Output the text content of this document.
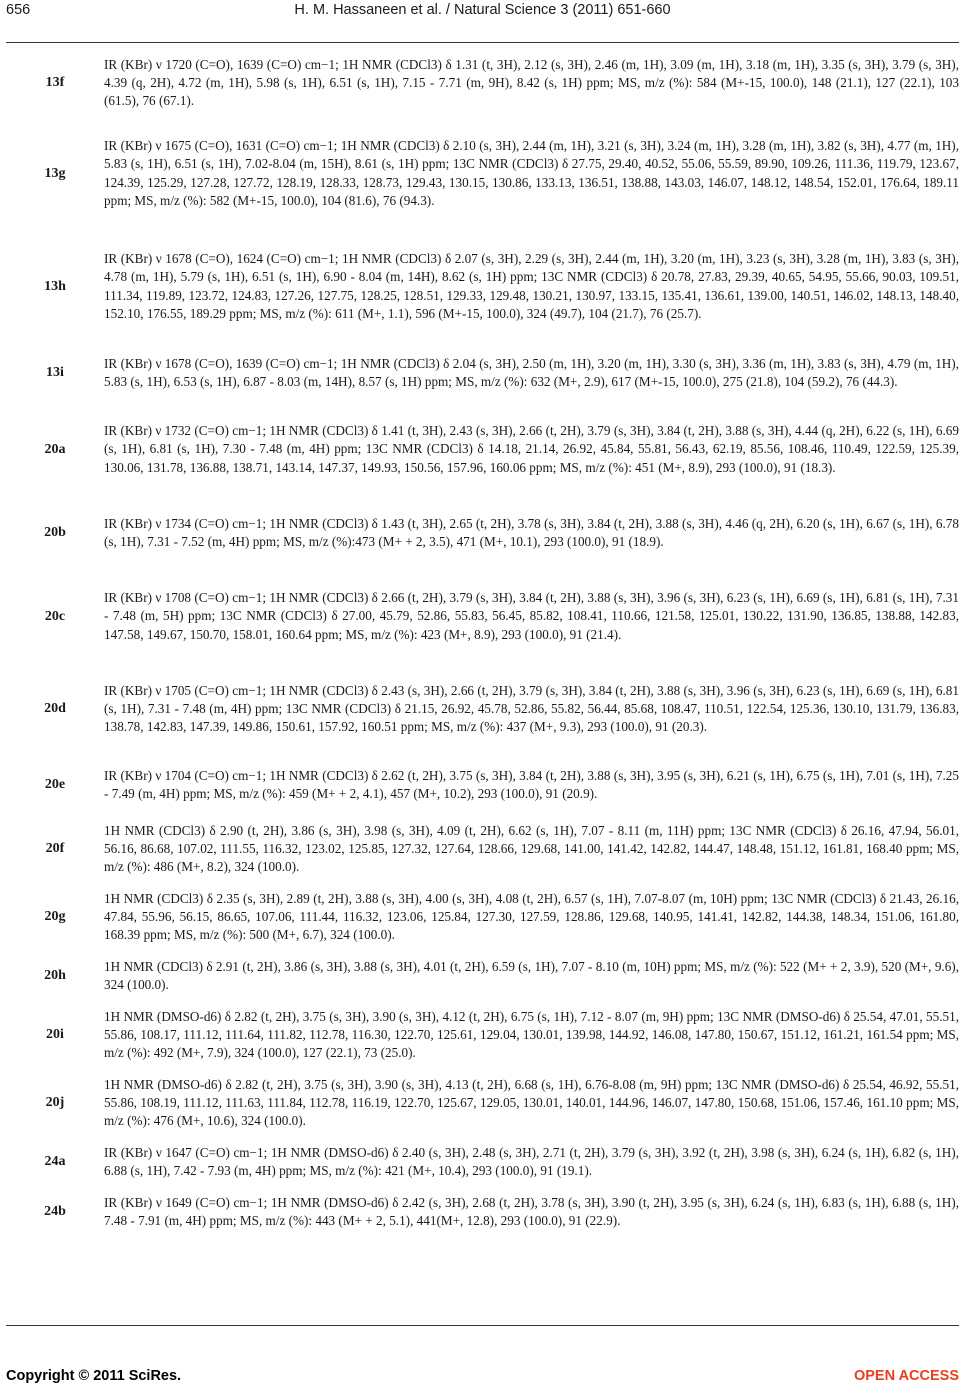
656	H. M. Hassaneen et al. / Natural Science 3 (2011) 651-660
13f	IR (KBr) ν 1720 (C=O), 1639 (C=O) cm−1; 1H NMR (CDCl3) δ 1.31 (t, 3H), 2.12 (s, 3H), 2.46 (m, 1H), 3.09 (m, 1H), 3.18 (m, 1H), 3.35 (s, 3H), 3.79 (s, 3H), 4.39 (q, 2H), 4.72 (m, 1H), 5.98 (s, 1H), 6.51 (s, 1H), 7.15 - 7.71 (m, 9H), 8.42 (s, 1H) ppm; MS, m/z (%): 584 (M+-15, 100.0), 148 (21.1), 127 (22.1), 103 (61.5), 76 (67.1).
13g	IR (KBr) ν 1675 (C=O), 1631 (C=O) cm−1; 1H NMR (CDCl3) δ 2.10 (s, 3H), 2.44 (m, 1H), 3.21 (s, 3H), 3.24 (m, 1H), 3.28 (m, 1H), 3.82 (s, 3H), 4.77 (m, 1H), 5.83 (s, 1H), 6.51 (s, 1H), 7.02-8.04 (m, 15H), 8.61 (s, 1H) ppm; 13C NMR (CDCl3) δ 27.75, 29.40, 40.52, 55.06, 55.59, 89.90, 109.26, 111.36, 119.79, 123.67, 124.39, 125.29, 127.28, 127.72, 128.19, 128.33, 128.73, 129.43, 130.15, 130.86, 133.13, 136.51, 138.88, 143.03, 146.07, 148.12, 148.54, 152.01, 176.64, 189.11 ppm; MS, m/z (%): 582 (M+-15, 100.0), 104 (81.6), 76 (94.3).
13h	IR (KBr) ν 1678 (C=O), 1624 (C=O) cm−1; 1H NMR (CDCl3) δ 2.07 (s, 3H), 2.29 (s, 3H), 2.44 (m, 1H), 3.20 (m, 1H), 3.23 (s, 3H), 3.28 (m, 1H), 3.83 (s, 3H), 4.78 (m, 1H), 5.79 (s, 1H), 6.51 (s, 1H), 6.90 - 8.04 (m, 14H), 8.62 (s, 1H) ppm; 13C NMR (CDCl3) δ 20.78, 27.83, 29.39, 40.65, 54.95, 55.66, 90.03, 109.51, 111.34, 119.89, 123.72, 124.83, 127.26, 127.75, 128.25, 128.51, 129.33, 129.48, 130.21, 130.97, 133.15, 135.41, 136.61, 139.00, 140.51, 146.02, 148.13, 148.40, 152.10, 176.55, 189.29 ppm; MS, m/z (%): 611 (M+, 1.1), 596 (M+-15, 100.0), 324 (49.7), 104 (21.7), 76 (25.7).
13i	IR (KBr) ν 1678 (C=O), 1639 (C=O) cm−1; 1H NMR (CDCl3) δ 2.04 (s, 3H), 2.50 (m, 1H), 3.20 (m, 1H), 3.30 (s, 3H), 3.36 (m, 1H), 3.83 (s, 3H), 4.79 (m, 1H), 5.83 (s, 1H), 6.53 (s, 1H), 6.87 - 8.03 (m, 14H), 8.57 (s, 1H) ppm; MS, m/z (%): 632 (M+, 2.9), 617 (M+-15, 100.0), 275 (21.8), 104 (59.2), 76 (44.3).
20a	IR (KBr) ν 1732 (C=O) cm−1; 1H NMR (CDCl3) δ 1.41 (t, 3H), 2.43 (s, 3H), 2.66 (t, 2H), 3.79 (s, 3H), 3.84 (t, 2H), 3.88 (s, 3H), 4.44 (q, 2H), 6.22 (s, 1H), 6.69 (s, 1H), 6.81 (s, 1H), 7.30 - 7.48 (m, 4H) ppm; 13C NMR (CDCl3) δ 14.18, 21.14, 26.92, 45.84, 55.81, 56.43, 62.19, 85.56, 108.46, 110.49, 122.59, 125.39, 130.06, 131.78, 136.88, 138.71, 143.14, 147.37, 149.93, 150.56, 157.96, 160.06 ppm; MS, m/z (%): 451 (M+, 8.9), 293 (100.0), 91 (18.3).
20b	IR (KBr) ν 1734 (C=O) cm−1; 1H NMR (CDCl3) δ 1.43 (t, 3H), 2.65 (t, 2H), 3.78 (s, 3H), 3.84 (t, 2H), 3.88 (s, 3H), 4.46 (q, 2H), 6.20 (s, 1H), 6.67 (s, 1H), 6.78 (s, 1H), 7.31 - 7.52 (m, 4H) ppm; MS, m/z (%):473 (M+ + 2, 3.5), 471 (M+, 10.1), 293 (100.0), 91 (18.9).
20c	IR (KBr) ν 1708 (C=O) cm−1; 1H NMR (CDCl3) δ 2.66 (t, 2H), 3.79 (s, 3H), 3.84 (t, 2H), 3.88 (s, 3H), 3.96 (s, 3H), 6.23 (s, 1H), 6.69 (s, 1H), 6.81 (s, 1H), 7.31 - 7.48 (m, 5H) ppm; 13C NMR (CDCl3) δ 27.00, 45.79, 52.86, 55.83, 56.45, 85.82, 108.41, 110.66, 121.58, 125.01, 130.22, 131.90, 136.85, 138.88, 142.83, 147.58, 149.67, 150.70, 158.01, 160.64 ppm; MS, m/z (%): 423 (M+, 8.9), 293 (100.0), 91 (21.4).
20d	IR (KBr) ν 1705 (C=O) cm−1; 1H NMR (CDCl3) δ 2.43 (s, 3H), 2.66 (t, 2H), 3.79 (s, 3H), 3.84 (t, 2H), 3.88 (s, 3H), 3.96 (s, 3H), 6.23 (s, 1H), 6.69 (s, 1H), 6.81 (s, 1H), 7.31 - 7.48 (m, 4H) ppm; 13C NMR (CDCl3) δ 21.15, 26.92, 45.78, 52.86, 55.82, 56.44, 85.68, 108.47, 110.51, 122.54, 125.36, 130.10, 131.79, 136.83, 138.78, 142.83, 147.39, 149.86, 150.61, 157.92, 160.51 ppm; MS, m/z (%): 437 (M+, 9.3), 293 (100.0), 91 (20.3).
20e	IR (KBr) ν 1704 (C=O) cm−1; 1H NMR (CDCl3) δ 2.62 (t, 2H), 3.75 (s, 3H), 3.84 (t, 2H), 3.88 (s, 3H), 3.95 (s, 3H), 6.21 (s, 1H), 6.75 (s, 1H), 7.01 (s, 1H), 7.25 - 7.49 (m, 4H) ppm; MS, m/z (%): 459 (M+ + 2, 4.1), 457 (M+, 10.2), 293 (100.0), 91 (20.9).
20f	1H NMR (CDCl3) δ 2.90 (t, 2H), 3.86 (s, 3H), 3.98 (s, 3H), 4.09 (t, 2H), 6.62 (s, 1H), 7.07 - 8.11 (m, 11H) ppm; 13C NMR (CDCl3) δ 26.16, 47.94, 56.01, 56.16, 86.68, 107.02, 111.55, 116.32, 123.02, 125.85, 127.32, 127.64, 128.66, 129.68, 141.00, 141.42, 142.82, 144.47, 148.48, 151.12, 161.81, 168.40 ppm; MS, m/z (%): 486 (M+, 8.2), 324 (100.0).
20g	1H NMR (CDCl3) δ 2.35 (s, 3H), 2.89 (t, 2H), 3.88 (s, 3H), 4.00 (s, 3H), 4.08 (t, 2H), 6.57 (s, 1H), 7.07-8.07 (m, 10H) ppm; 13C NMR (CDCl3) δ 21.43, 26.16, 47.84, 55.96, 56.15, 86.65, 107.06, 111.44, 116.32, 123.06, 125.84, 127.30, 127.59, 128.86, 129.68, 140.95, 141.41, 142.82, 144.38, 148.34, 151.06, 161.80, 168.39 ppm; MS, m/z (%): 500 (M+, 6.7), 324 (100.0).
20h	1H NMR (CDCl3) δ 2.91 (t, 2H), 3.86 (s, 3H), 3.88 (s, 3H), 4.01 (t, 2H), 6.59 (s, 1H), 7.07 - 8.10 (m, 10H) ppm; MS, m/z (%): 522 (M+ + 2, 3.9), 520 (M+, 9.6), 324 (100.0).
20i	1H NMR (DMSO-d6) δ 2.82 (t, 2H), 3.75 (s, 3H), 3.90 (s, 3H), 4.12 (t, 2H), 6.75 (s, 1H), 7.12 - 8.07 (m, 9H) ppm; 13C NMR (DMSO-d6) δ 25.54, 47.01, 55.51, 55.86, 108.17, 111.12, 111.64, 111.82, 112.78, 116.30, 122.70, 125.61, 129.04, 130.01, 139.98, 144.92, 146.08, 147.80, 150.67, 151.12, 161.21, 161.54 ppm; MS, m/z (%): 492 (M+, 7.9), 324 (100.0), 127 (22.1), 73 (25.0).
20j	1H NMR (DMSO-d6) δ 2.82 (t, 2H), 3.75 (s, 3H), 3.90 (s, 3H), 4.13 (t, 2H), 6.68 (s, 1H), 6.76-8.08 (m, 9H) ppm; 13C NMR (DMSO-d6) δ 25.54, 46.92, 55.51, 55.86, 108.19, 111.12, 111.63, 111.84, 112.78, 116.19, 122.70, 125.67, 129.05, 130.01, 140.01, 144.96, 146.07, 147.80, 150.68, 151.06, 157.46, 161.10 ppm; MS, m/z (%): 476 (M+, 10.6), 324 (100.0).
24a	IR (KBr) ν 1647 (C=O) cm−1; 1H NMR (DMSO-d6) δ 2.40 (s, 3H), 2.48 (s, 3H), 2.71 (t, 2H), 3.79 (s, 3H), 3.92 (t, 2H), 3.98 (s, 3H), 6.24 (s, 1H), 6.82 (s, 1H), 6.88 (s, 1H), 7.42 - 7.93 (m, 4H) ppm; MS, m/z (%): 421 (M+, 10.4), 293 (100.0), 91 (19.1).
24b	IR (KBr) ν 1649 (C=O) cm−1; 1H NMR (DMSO-d6) δ 2.42 (s, 3H), 2.68 (t, 2H), 3.78 (s, 3H), 3.90 (t, 2H), 3.95 (s, 3H), 6.24 (s, 1H), 6.83 (s, 1H), 6.88 (s, 1H), 7.48 - 7.91 (m, 4H) ppm; MS, m/z (%): 443 (M+ + 2, 5.1), 441(M+, 12.8), 293 (100.0), 91 (22.9).
Copyright © 2011 SciRes.	OPEN ACCESS
